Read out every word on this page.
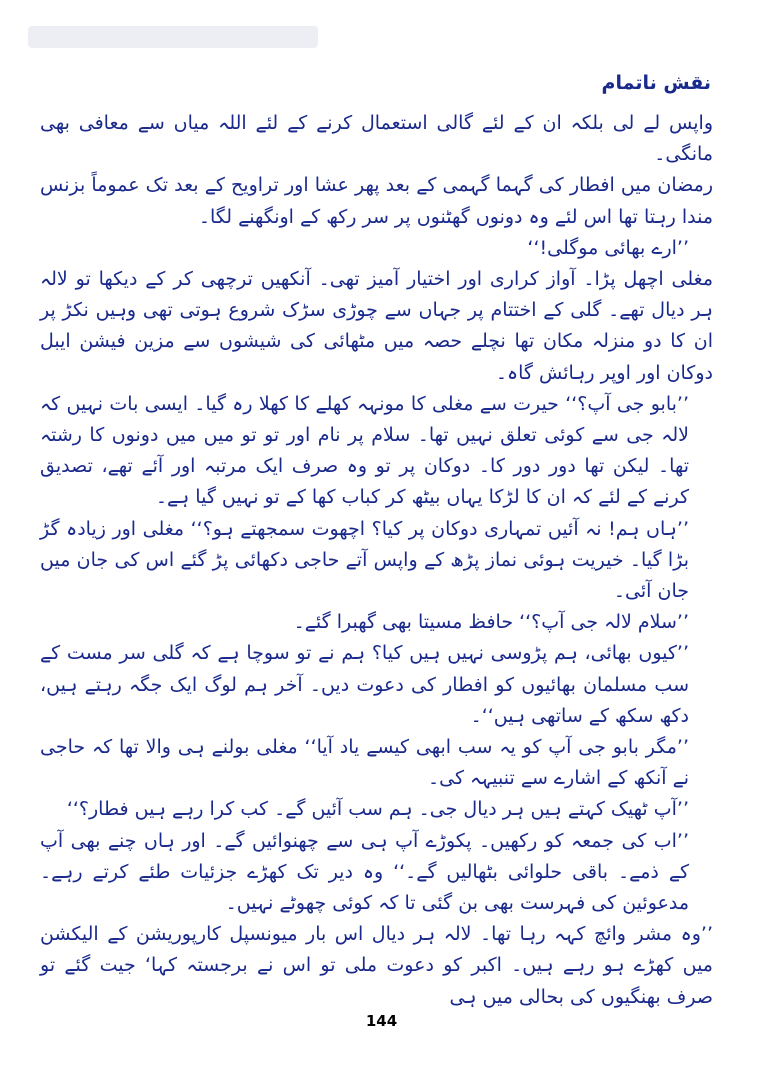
نقش ناتمام

واپس لے لی بلکہ ان کے لئے گالی استعمال کرنے کے لئے اللہ میاں سے معافی بھی مانگی۔

رمضان میں افطار کی گہما گہمی کے بعد پھر عشا اور تراویح کے بعد تک عموماً بزنس مندا رہتا تھا اس لئے وہ دونوں گھٹنوں پر سر رکھ کے اونگھنے لگا۔

’’ارے بھائی موگلی!‘‘

مغلی اچھل پڑا۔ آواز کراری اور اختیار آمیز تھی۔ آنکھیں ترچھی کر کے دیکھا تو لالہ ہر دیال تھے۔ گلی کے اختتام پر جہاں سے چوڑی سڑک شروع ہوتی تھی وہیں نکڑ پر ان کا دو منزلہ مکان تھا نچلے حصہ میں مٹھائی کی شیشوں سے مزین فیشن ایبل دوکان اور اوپر رہائش گاہ۔

’’بابو جی آپ؟‘‘ حیرت سے مغلی کا مونہہ کھلے کا کھلا رہ گیا۔ ایسی بات نہیں کہ لالہ جی سے کوئی تعلق نہیں تھا۔ سلام پر نام اور تو تو میں میں دونوں کا رشتہ تھا۔ لیکن تھا دور دور کا۔ دوکان پر تو وہ صرف ایک مرتبہ اور آئے تھے، تصدیق کرنے کے لئے کہ ان کا لڑکا یہاں بیٹھ کر کباب کھا کے تو نہیں گیا ہے۔

’’ہاں ہم! نہ آئیں تمہاری دوکان پر کیا؟ اچھوت سمجھتے ہو؟‘‘ مغلی اور زیادہ گڑ بڑا گیا۔ خیریت ہوئی نماز پڑھ کے واپس آتے حاجی دکھائی پڑ گئے اس کی جان میں جان آئی۔

’’سلام لالہ جی آپ؟‘‘ حافظ مسیتا بھی گھبرا گئے۔

’’کیوں بھائی، ہم پڑوسی نہیں ہیں کیا؟ ہم نے تو سوچا ہے کہ گلی سر مست کے سب مسلمان بھائیوں کو افطار کی دعوت دیں۔ آخر ہم لوگ ایک جگہ رہتے ہیں، دکھ سکھ کے ساتھی ہیں‘‘۔

’’مگر بابو جی آپ کو یہ سب ابھی کیسے یاد آیا‘‘ مغلی بولنے ہی والا تھا کہ حاجی نے آنکھ کے اشارے سے تنبیہہ کی۔

’’آپ ٹھیک کہتے ہیں ہر دیال جی۔ ہم سب آئیں گے۔ کب کرا رہے ہیں فطار؟‘‘

’’اب کی جمعہ کو رکھیں۔ پکوڑے آپ ہی سے چھنوائیں گے۔ اور ہاں چنے بھی آپ کے ذمے۔ باقی حلوائی بٹھالیں گے۔‘‘ وہ دیر تک کھڑے جزئیات طئے کرتے رہے۔ مدعوئین کی فہرست بھی بن گئی تا کہ کوئی چھوٹے نہیں۔

’’وہ مشر وائچ کہہ رہا تھا۔ لالہ ہر دیال اس بار میونسپل کارپوریشن کے الیکشن میں کھڑے ہو رہے ہیں۔ اکبر کو دعوت ملی تو اس نے برجستہ کہا‘ جیت گئے تو صرف بھنگیوں کی بحالی میں ہی

144
